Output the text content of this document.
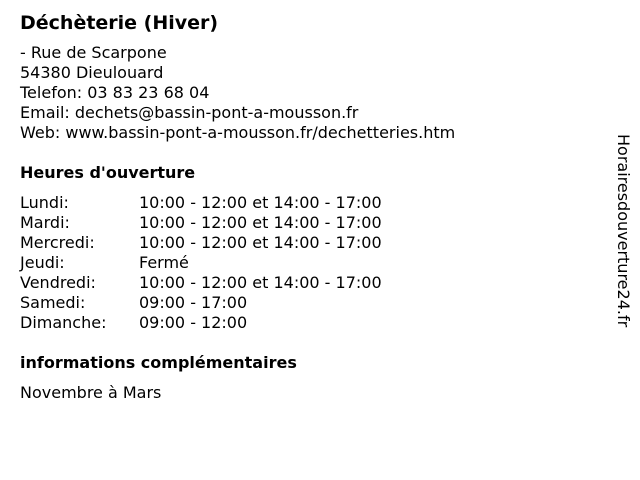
Déchèterie (Hiver)
- Rue de Scarpone
54380 Dieulouard
Telefon: 03 83 23 68 04
Email: dechets@bassin-pont-a-mousson.fr
Web: www.bassin-pont-a-mousson.fr/dechetteries.htm
Heures d'ouverture
Lundi:	10:00 - 12:00 et 14:00 - 17:00
Mardi:	10:00 - 12:00 et 14:00 - 17:00
Mercredi:	10:00 - 12:00 et 14:00 - 17:00
Jeudi:	Fermé
Vendredi:	10:00 - 12:00 et 14:00 - 17:00
Samedi:	09:00 - 17:00
Dimanche: 09:00 - 12:00
informations complémentaires
Novembre à Mars
Horairesdouverture24.fr
